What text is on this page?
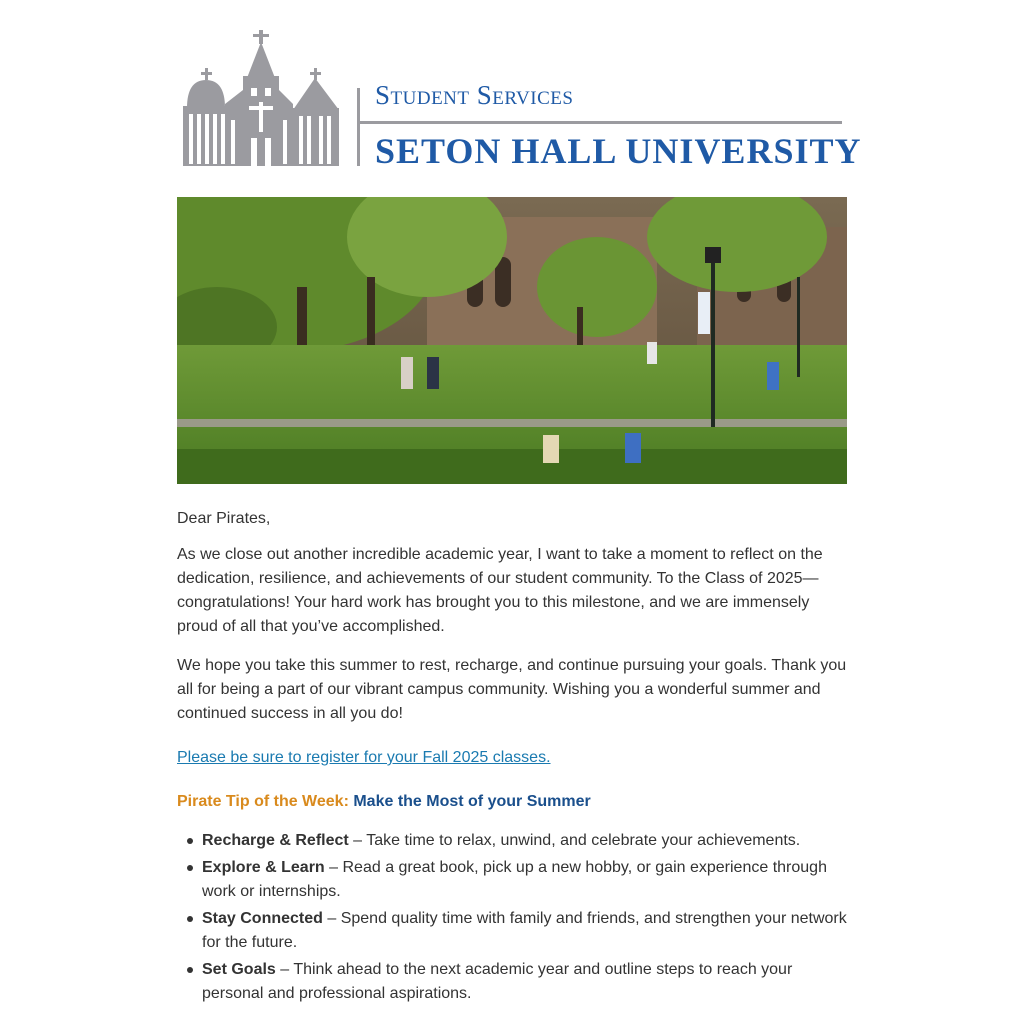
Student Services
SETON HALL UNIVERSITY
Dear Pirates,
As we close out another incredible academic year, I want to take a moment to reflect on the dedication, resilience, and achievements of our student community. To the Class of 2025—congratulations! Your hard work has brought you to this milestone, and we are immensely proud of all that you’ve accomplished.
We hope you take this summer to rest, recharge, and continue pursuing your goals. Thank you all for being a part of our vibrant campus community. Wishing you a wonderful summer and continued success in all you do!
Please be sure to register for your Fall 2025 classes.
Pirate Tip of the Week: Make the Most of your Summer
Recharge & Reflect – Take time to relax, unwind, and celebrate your achievements.
Explore & Learn – Read a great book, pick up a new hobby, or gain experience through work or internships.
Stay Connected – Spend quality time with family and friends, and strengthen your network for the future.
Set Goals – Think ahead to the next academic year and outline steps to reach your personal and professional aspirations.
